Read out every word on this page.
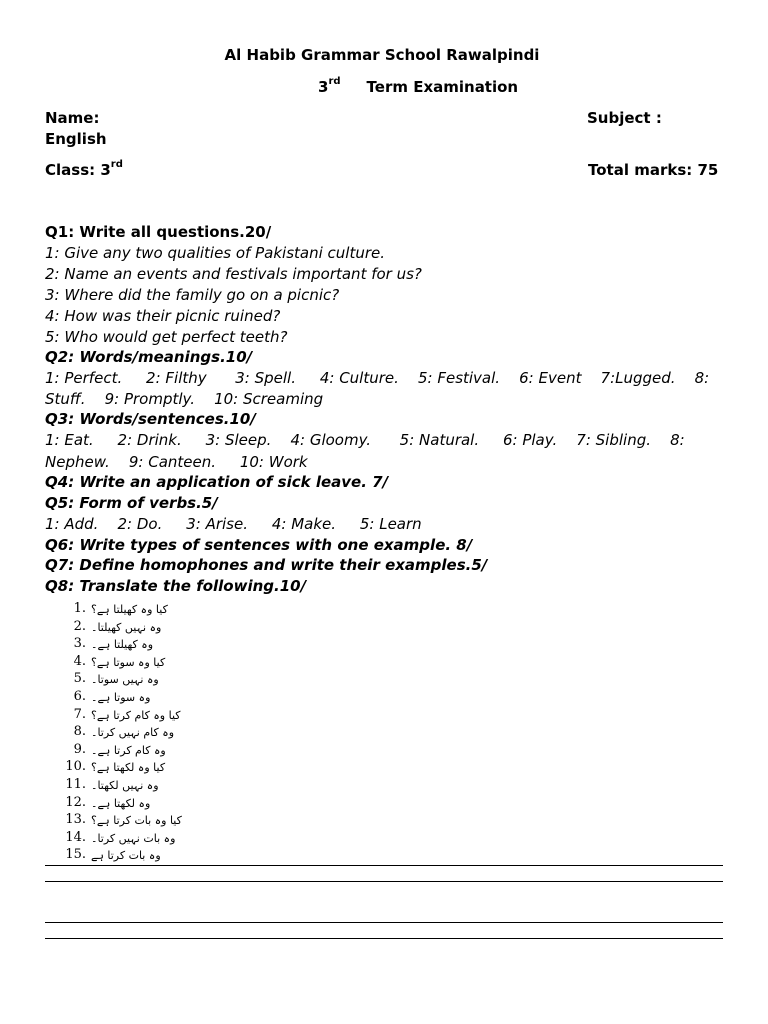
Al Habib Grammar School Rawalpindi
3rd Term Examination
Name:	Subject :
English
Class: 3rd	Total marks: 75
Q1: Write all questions.20/
1: Give any two qualities of Pakistani culture.
2: Name an events and festivals important for us?
3: Where did the family go on a picnic?
4: How was their picnic ruined?
5: Who would get perfect teeth?
Q2: Words/meanings.10/
1: Perfect.     2: Filthy      3: Spell.     4: Culture.    5: Festival.    6: Event    7:Lugged.    8:
Stuff.    9: Promptly.    10: Screaming
Q3: Words/sentences.10/
1: Eat.     2: Drink.     3: Sleep.    4: Gloomy.      5: Natural.     6: Play.    7: Sibling.    8:
Nephew.    9: Canteen.     10: Work
Q4: Write an application of sick leave. 7/
Q5: Form of verbs.5/
1: Add.    2: Do.     3: Arise.     4: Make.     5: Learn
Q6: Write types of sentences with one example. 8/
Q7: Define homophones and write their examples.5/
Q8: Translate the following.10/
1. کیا وہ کھیلتا ہے؟
2. وہ نہیں کھیلتا۔
3. وہ کھیلتا ہے۔
4. کیا وہ سوتا ہے؟
5. وہ نہیں سوتا۔
6. وہ سوتا ہے۔
7. کیا وہ کام کرتا ہے؟
8. وہ کام نہیں کرتا۔
9. وہ کام کرتا ہے۔
10. کیا وہ لکھتا ہے؟
11. وہ نہیں لکھتا۔
12. وہ لکھتا ہے۔
13. کیا وہ بات کرتا ہے؟
14. وہ بات نہیں کرتا۔
15. وہ بات کرتا ہے
